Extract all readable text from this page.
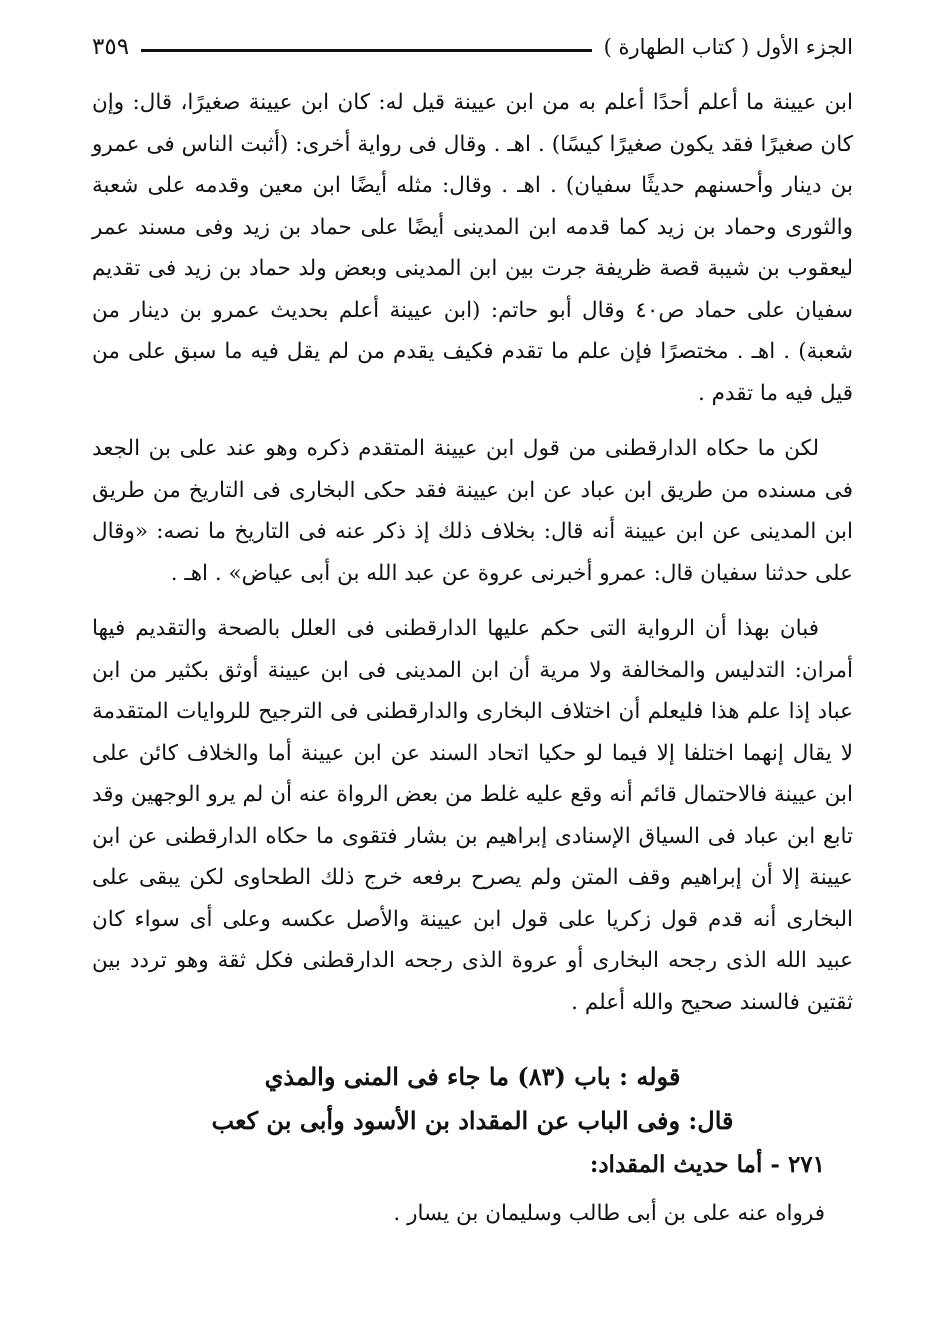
الجزء الأول ( كتاب الطهارة )
٣٥٩

ابن عيينة ما أعلم أحدًا أعلم به من ابن عيينة قيل له: كان ابن عيينة صغيرًا، قال: وإن كان صغيرًا فقد يكون صغيرًا كيسًا) . اهـ . وقال فى رواية أخرى: (أثبت الناس فى عمرو بن دينار وأحسنهم حديثًا سفيان) . اهـ . وقال: مثله أيضًا ابن معين وقدمه على شعبة والثورى وحماد بن زيد كما قدمه ابن المدينى أيضًا على حماد بن زيد وفى مسند عمر ليعقوب بن شيبة قصة ظريفة جرت بين ابن المدينى وبعض ولد حماد بن زيد فى تقديم سفيان على حماد ص٤٠ وقال أبو حاتم: (ابن عيينة أعلم بحديث عمرو بن دينار من شعبة) . اهـ . مختصرًا فإن علم ما تقدم فكيف يقدم من لم يقل فيه ما سبق على من قيل فيه ما تقدم .

لكن ما حكاه الدارقطنى من قول ابن عيينة المتقدم ذكره وهو عند على بن الجعد فى مسنده من طريق ابن عباد عن ابن عيينة فقد حكى البخارى فى التاريخ من طريق ابن المدينى عن ابن عيينة أنه قال: بخلاف ذلك إذ ذكر عنه فى التاريخ ما نصه: «وقال على حدثنا سفيان قال: عمرو أخبرنى عروة عن عبد الله بن أبى عياض» . اهـ .

فبان بهذا أن الرواية التى حكم عليها الدارقطنى فى العلل بالصحة والتقديم فيها أمران: التدليس والمخالفة ولا مرية أن ابن المدينى فى ابن عيينة أوثق بكثير من ابن عباد إذا علم هذا فليعلم أن اختلاف البخارى والدارقطنى فى الترجيح للروايات المتقدمة لا يقال إنهما اختلفا إلا فيما لو حكيا اتحاد السند عن ابن عيينة أما والخلاف كائن على ابن عيينة فالاحتمال قائم أنه وقع عليه غلط من بعض الرواة عنه أن لم يرو الوجهين وقد تابع ابن عباد فى السياق الإسنادى إبراهيم بن بشار فتقوى ما حكاه الدارقطنى عن ابن عيينة إلا أن إبراهيم وقف المتن ولم يصرح برفعه خرج ذلك الطحاوى لكن يبقى على البخارى أنه قدم قول زكريا على قول ابن عيينة والأصل عكسه وعلى أى سواء كان عبيد الله الذى رجحه البخارى أو عروة الذى رجحه الدارقطنى فكل ثقة وهو تردد بين ثقتين فالسند صحيح والله أعلم .

قوله : باب (٨٣) ما جاء فى المنى والمذي

قال: وفى الباب عن المقداد بن الأسود وأبى بن كعب

٢٧١ - أما حديث المقداد:

فرواه عنه على بن أبى طالب وسليمان بن يسار .
